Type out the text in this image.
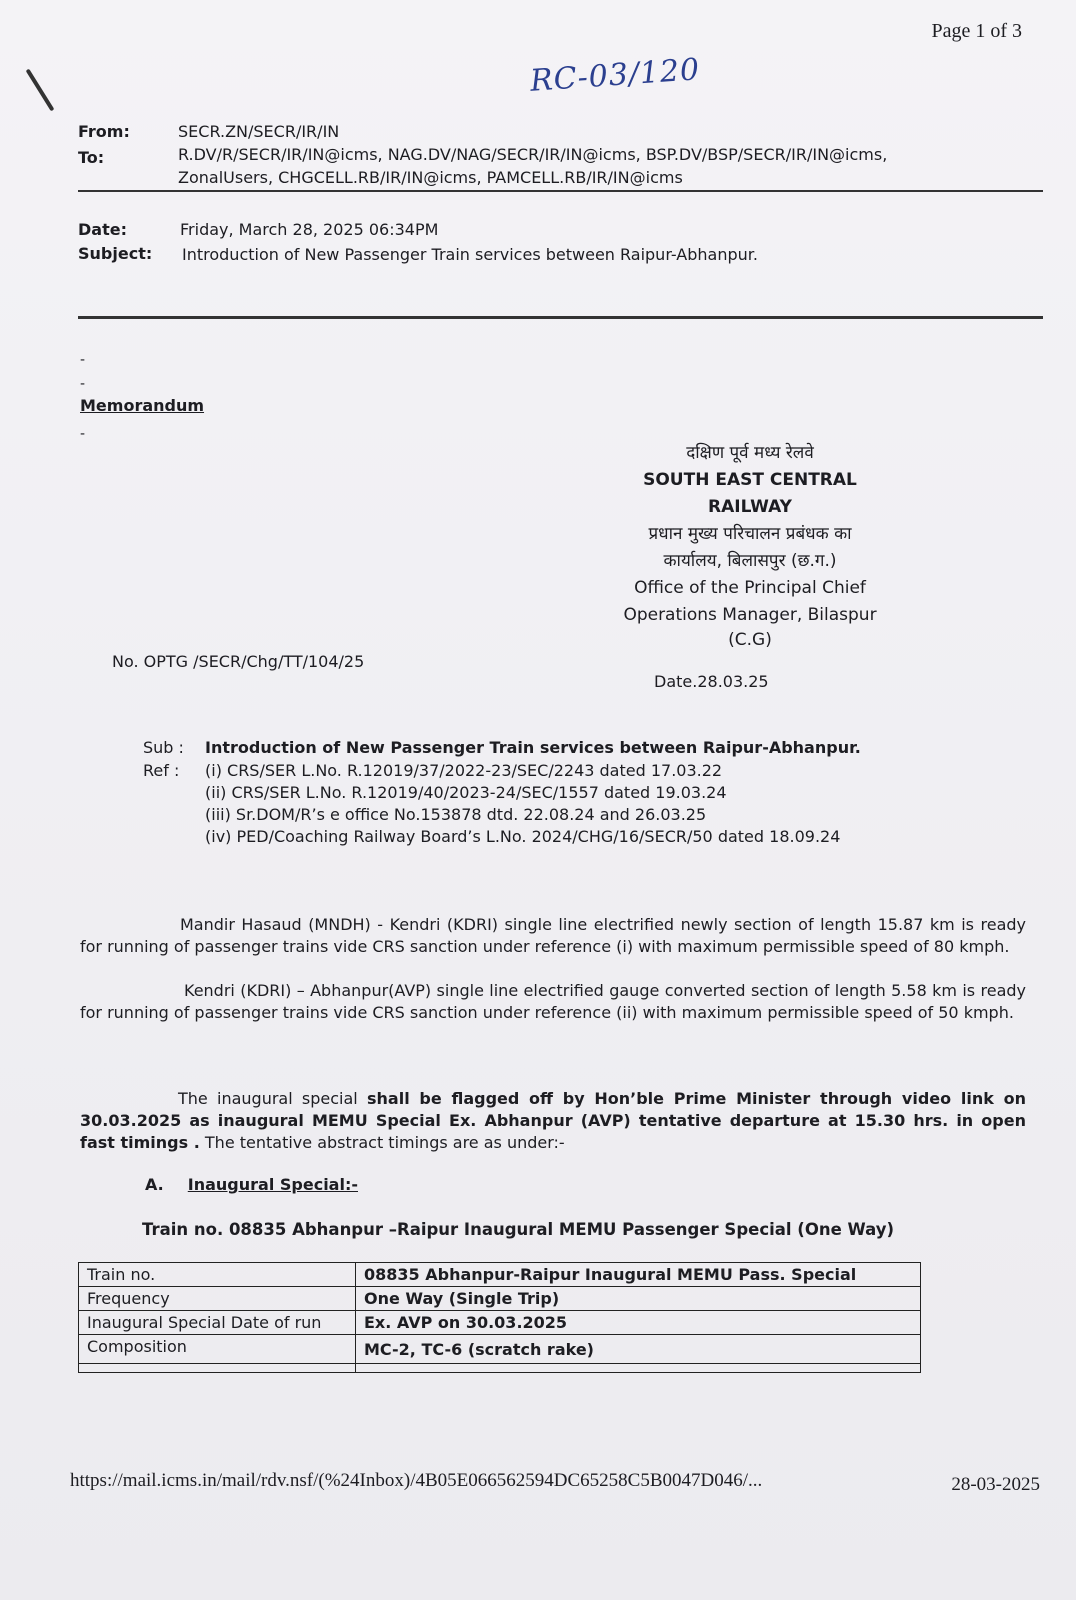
Page 1 of 3
RC-03/120
From:	SECR.ZN/SECR/IR/IN
To:	R.DV/R/SECR/IR/IN@icms, NAG.DV/NAG/SECR/IR/IN@icms, BSP.DV/BSP/SECR/IR/IN@icms,
ZonalUsers, CHGCELL.RB/IR/IN@icms, PAMCELL.RB/IR/IN@icms
Date:	Friday, March 28, 2025 06:34PM
Subject: Introduction of New Passenger Train services between Raipur-Abhanpur.
-
-
Memorandum
-
दक्षिण पूर्व मध्य रेलवे
SOUTH EAST CENTRAL
RAILWAY
प्रधान मुख्य परिचालन प्रबंधक का
कार्यालय, बिलासपुर (छ.ग.)
Office of the Principal Chief
Operations Manager, Bilaspur
(C.G)
No. OPTG /SECR/Chg/TT/104/25
Date.28.03.25
Sub : Introduction of New Passenger Train services between Raipur-Abhanpur.
Ref : (i) CRS/SER L.No. R.12019/37/2022-23/SEC/2243 dated 17.03.22
(ii) CRS/SER L.No. R.12019/40/2023-24/SEC/1557 dated 19.03.24
(iii) Sr.DOM/R’s e office No.153878 dtd. 22.08.24 and 26.03.25
(iv) PED/Coaching Railway Board’s L.No. 2024/CHG/16/SECR/50 dated 18.09.24
Mandir Hasaud (MNDH) - Kendri (KDRI) single line electrified newly section of length 15.87 km is ready for running of passenger trains vide CRS sanction under reference (i) with maximum permissible speed of 80 kmph.
Kendri (KDRI) – Abhanpur(AVP) single line electrified gauge converted section of length 5.58 km is ready for running of passenger trains vide CRS sanction under reference (ii) with maximum permissible speed of 50 kmph.
The inaugural special shall be flagged off by Hon’ble Prime Minister through video link on 30.03.2025 as inaugural MEMU Special Ex. Abhanpur (AVP) tentative departure at 15.30 hrs. in open fast timings . The tentative abstract timings are as under:-
A. Inaugural Special:-
Train no. 08835 Abhanpur –Raipur Inaugural MEMU Passenger Special (One Way)
Train no.	08835 Abhanpur-Raipur Inaugural MEMU Pass. Special
Frequency	One Way (Single Trip)
Inaugural Special Date of run	Ex. AVP on 30.03.2025
Composition	MC-2, TC-6 (scratch rake)

https://mail.icms.in/mail/rdv.nsf/(%24Inbox)/4B05E066562594DC65258C5B0047D046/...	28-03-2025
